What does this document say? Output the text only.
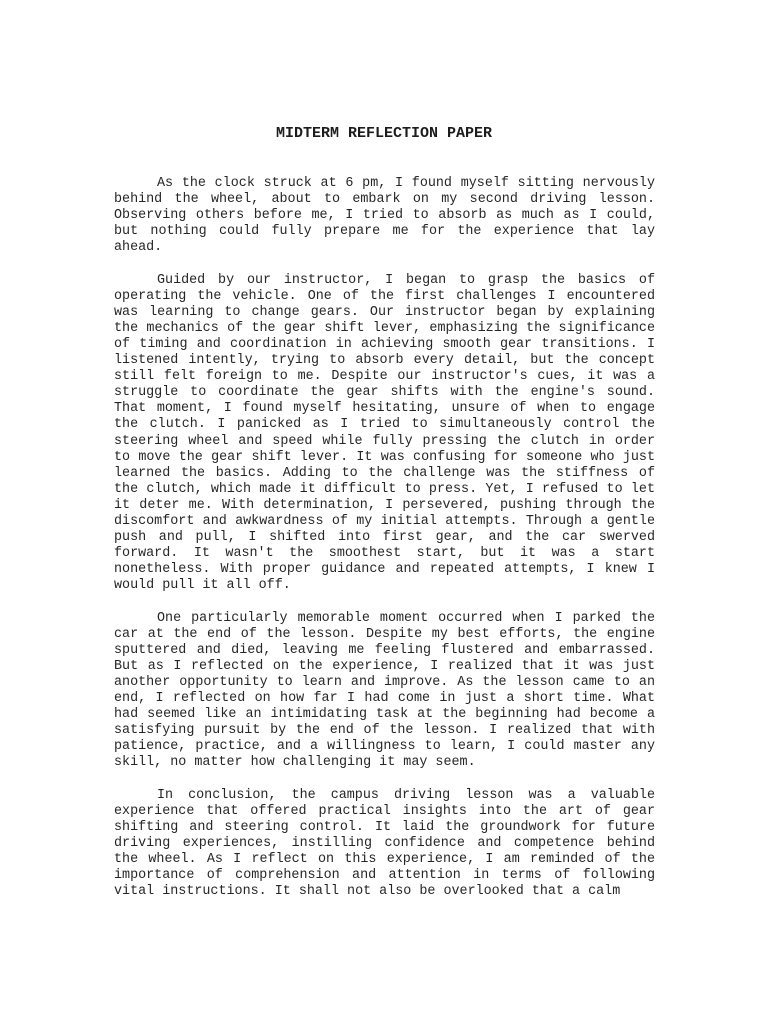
MIDTERM REFLECTION PAPER

As the clock struck at 6 pm, I found myself sitting nervously behind the wheel, about to embark on my second driving lesson. Observing others before me, I tried to absorb as much as I could, but nothing could fully prepare me for the experience that lay ahead.

Guided by our instructor, I began to grasp the basics of operating the vehicle. One of the first challenges I encountered was learning to change gears. Our instructor began by explaining the mechanics of the gear shift lever, emphasizing the significance of timing and coordination in achieving smooth gear transitions. I listened intently, trying to absorb every detail, but the concept still felt foreign to me. Despite our instructor's cues, it was a struggle to coordinate the gear shifts with the engine's sound. That moment, I found myself hesitating, unsure of when to engage the clutch. I panicked as I tried to simultaneously control the steering wheel and speed while fully pressing the clutch in order to move the gear shift lever. It was confusing for someone who just learned the basics. Adding to the challenge was the stiffness of the clutch, which made it difficult to press. Yet, I refused to let it deter me. With determination, I persevered, pushing through the discomfort and awkwardness of my initial attempts. Through a gentle push and pull, I shifted into first gear, and the car swerved forward. It wasn't the smoothest start, but it was a start nonetheless. With proper guidance and repeated attempts, I knew I would pull it all off.

One particularly memorable moment occurred when I parked the car at the end of the lesson. Despite my best efforts, the engine sputtered and died, leaving me feeling flustered and embarrassed. But as I reflected on the experience, I realized that it was just another opportunity to learn and improve. As the lesson came to an end, I reflected on how far I had come in just a short time. What had seemed like an intimidating task at the beginning had become a satisfying pursuit by the end of the lesson. I realized that with patience, practice, and a willingness to learn, I could master any skill, no matter how challenging it may seem.

In conclusion, the campus driving lesson was a valuable experience that offered practical insights into the art of gear shifting and steering control. It laid the groundwork for future driving experiences, instilling confidence and competence behind the wheel. As I reflect on this experience, I am reminded of the importance of comprehension and attention in terms of following vital instructions. It shall not also be overlooked that a calm
